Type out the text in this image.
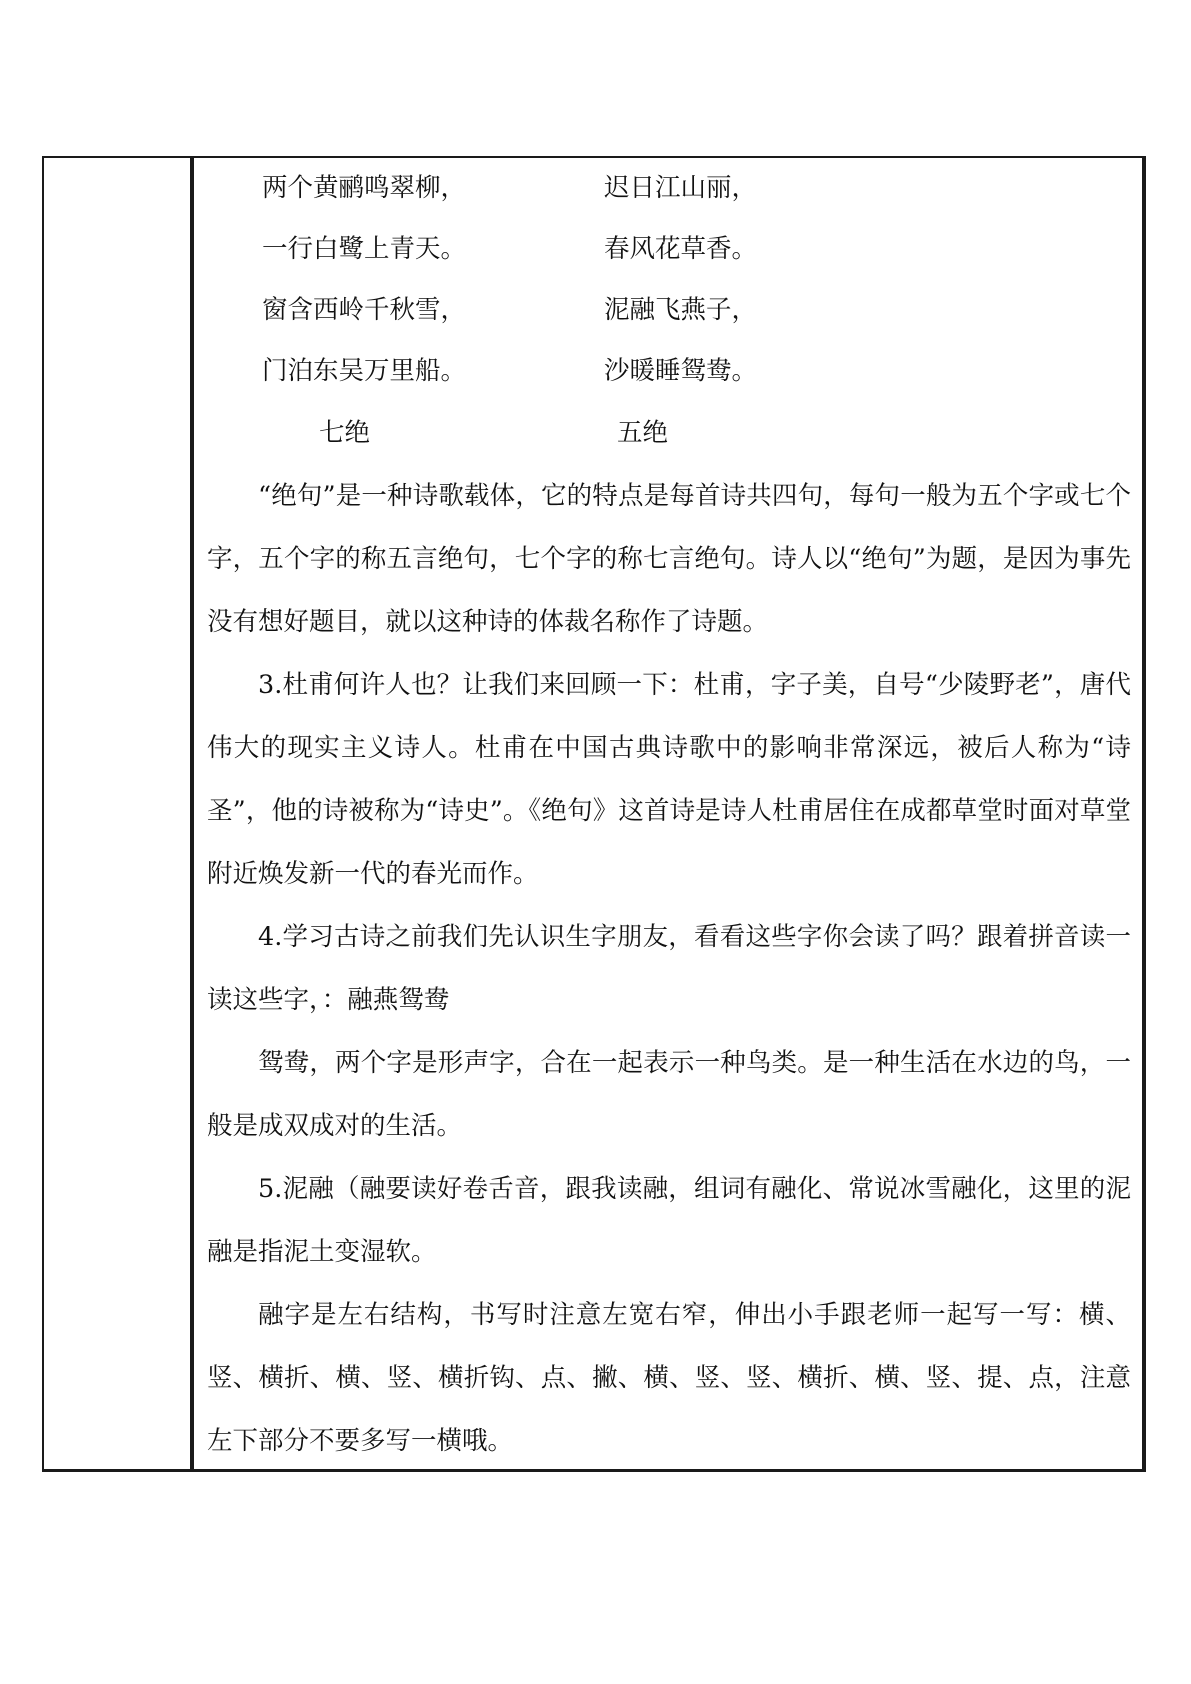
两个黄鹂鸣翠柳，	迟日江山丽，
一行白鹭上青天。	春风花草香。
窗含西岭千秋雪，	泥融飞燕子，
门泊东吴万里船。	沙暖睡鸳鸯。
七绝	五绝

“绝句”是一种诗歌载体，它的特点是每首诗共四句，每句一般为五个字或七个字，五个字的称五言绝句，七个字的称七言绝句。诗人以“绝句”为题，是因为事先没有想好题目，就以这种诗的体裁名称作了诗题。

3.杜甫何许人也？让我们来回顾一下：杜甫，字子美，自号“少陵野老”，唐代伟大的现实主义诗人。杜甫在中国古典诗歌中的影响非常深远，被后人称为“诗圣”，他的诗被称为“诗史”。《绝句》这首诗是诗人杜甫居住在成都草堂时面对草堂附近焕发新一代的春光而作。

4.学习古诗之前我们先认识生字朋友，看看这些字你会读了吗？跟着拼音读一读这些字，：融燕鸳鸯

鸳鸯，两个字是形声字，合在一起表示一种鸟类。是一种生活在水边的鸟，一般是成双成对的生活。

5.泥融（融要读好卷舌音，跟我读融，组词有融化、常说冰雪融化，这里的泥融是指泥土变湿软。

融字是左右结构，书写时注意左宽右窄，伸出小手跟老师一起写一写：横、竖、横折、横、竖、横折钩、点、撇、横、竖、竖、横折、横、竖、提、点，注意左下部分不要多写一横哦。
